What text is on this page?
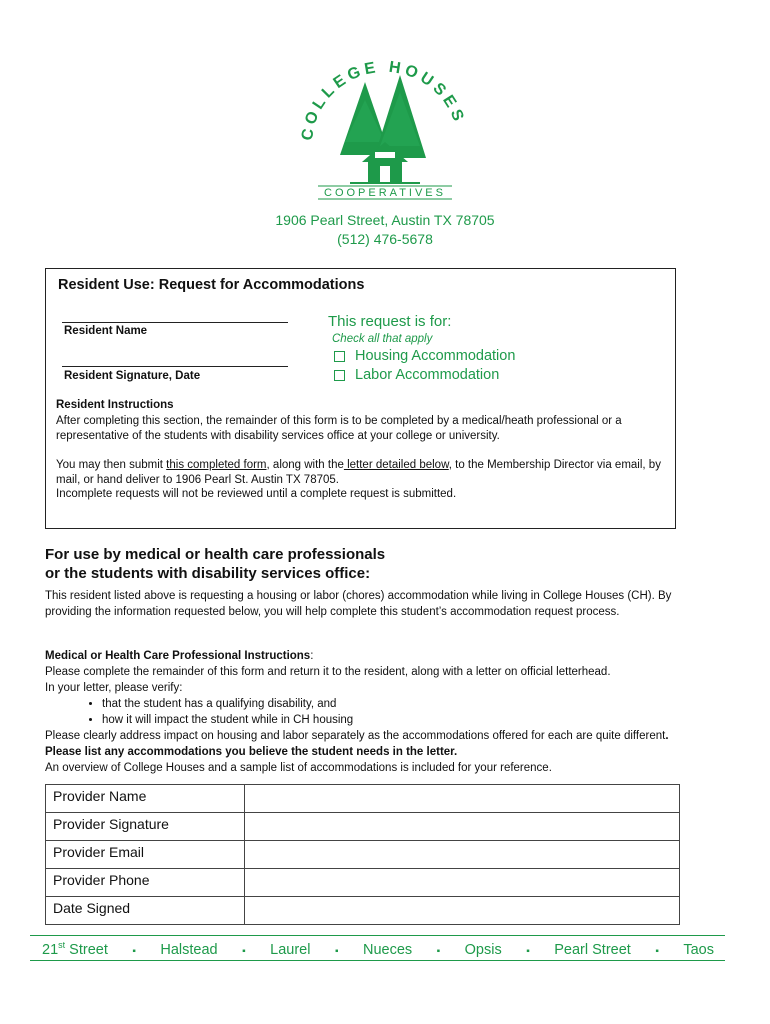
COLLEGE HOUSES
COOPERATIVES
1906 Pearl Street, Austin TX 78705
(512) 476-5678
Resident Use: Request for Accommodations
Resident Name
Resident Signature, Date
This request is for:
Check all that apply
Housing Accommodation
Labor Accommodation
Resident Instructions
After completing this section, the remainder of this form is to be completed by a medical/heath professional or a representative of the students with disability services office at your college or university.
You may then submit this completed form, along with the letter detailed below, to the Membership Director via email, by mail, or hand deliver to 1906 Pearl St. Austin TX 78705.
Incomplete requests will not be reviewed until a complete request is submitted.
For use by medical or health care professionals
or the students with disability services office:
This resident listed above is requesting a housing or labor (chores) accommodation while living in College Houses (CH). By providing the information requested below, you will help complete this student’s accommodation request process.
Medical or Health Care Professional Instructions:
Please complete the remainder of this form and return it to the resident, along with a letter on official letterhead.
In your letter, please verify:
• that the student has a qualifying disability, and
• how it will impact the student while in CH housing
Please clearly address impact on housing and labor separately as the accommodations offered for each are quite different. Please list any accommodations you believe the student needs in the letter.
An overview of College Houses and a sample list of accommodations is included for your reference.
Provider Name	
Provider Signature	
Provider Email	
Provider Phone	
Date Signed	
21st Street ▪ Halstead ▪ Laurel ▪ Nueces ▪ Opsis ▪ Pearl Street ▪ Taos
